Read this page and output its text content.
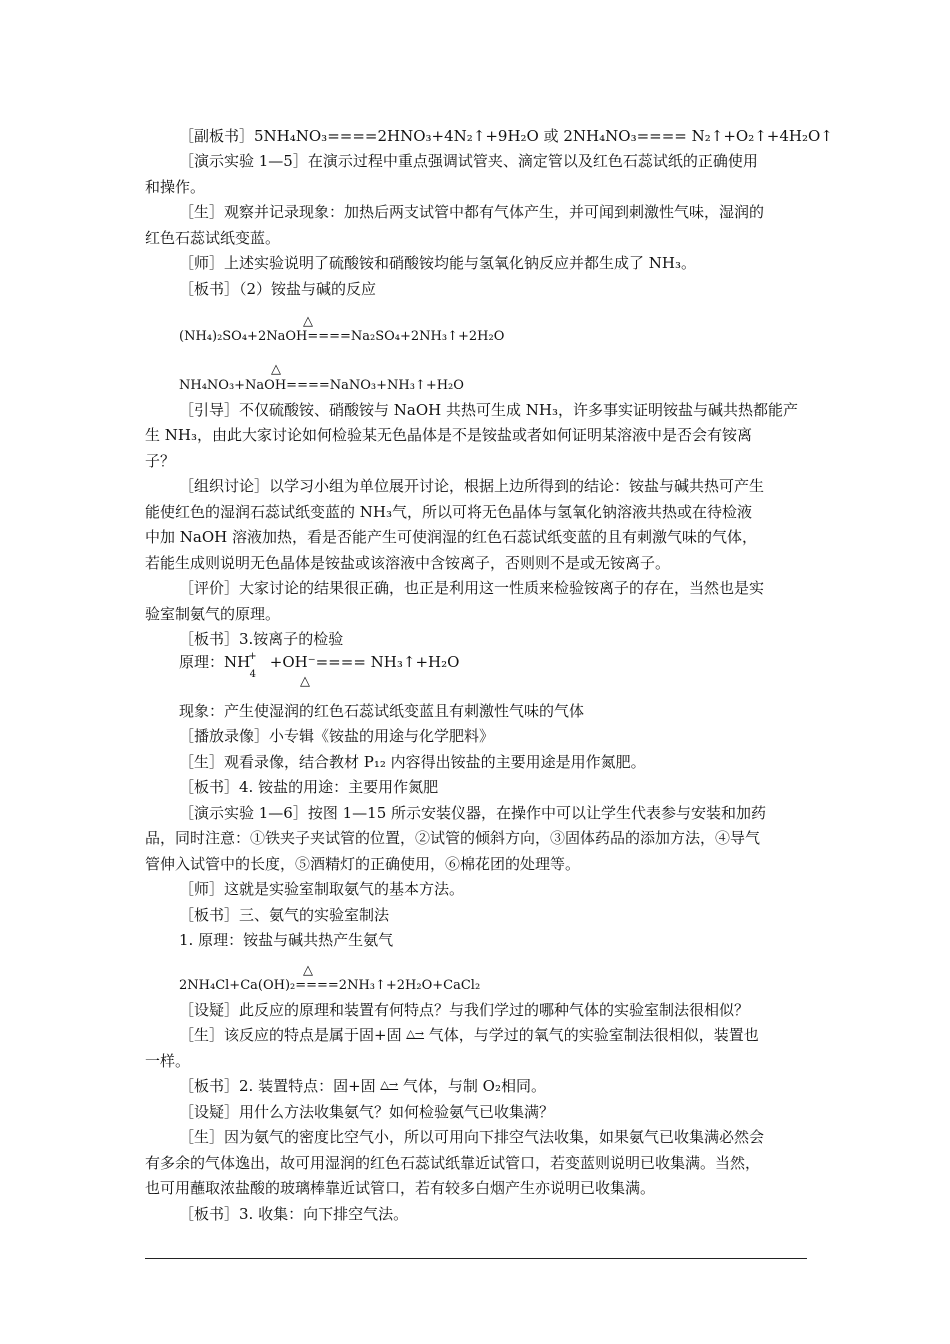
［副板书］5NH₄NO₃====2HNO₃+4N₂↑+9H₂O 或 2NH₄NO₃==== N₂↑+O₂↑+4H₂O↑
［演示实验 1—5］在演示过程中重点强调试管夹、滴定管以及红色石蕊试纸的正确使用
和操作。
［生］观察并记录现象：加热后两支试管中都有气体产生，并可闻到刺激性气味，湿润的
红色石蕊试纸变蓝。
［师］上述实验说明了硫酸铵和硝酸铵均能与氢氧化钠反应并都生成了 NH₃。
［板书］（2）铵盐与碱的反应
△
(NH₄)₂SO₄+2NaOH====Na₂SO₄+2NH₃↑+2H₂O
△
NH₄NO₃+NaOH====NaNO₃+NH₃↑+H₂O
［引导］不仅硫酸铵、硝酸铵与 NaOH 共热可生成 NH₃，许多事实证明铵盐与碱共热都能产
生 NH₃，由此大家讨论如何检验某无色晶体是不是铵盐或者如何证明某溶液中是否会有铵离
子？
［组织讨论］以学习小组为单位展开讨论，根据上边所得到的结论：铵盐与碱共热可产生
能使红色的湿润石蕊试纸变蓝的 NH₃气，所以可将无色晶体与氢氧化钠溶液共热或在待检液
中加 NaOH 溶液加热，看是否能产生可使润湿的红色石蕊试纸变蓝的且有刺激气味的气体，
若能生成则说明无色晶体是铵盐或该溶液中含铵离子，否则则不是或无铵离子。
［评价］大家讨论的结果很正确，也正是利用这一性质来检验铵离子的存在，当然也是实
验室制氨气的原理。
［板书］3.铵离子的检验
原理：$NH^+_4 +OH^-====$ NH₃↑+H₂O
△
现象：产生使湿润的红色石蕊试纸变蓝且有刺激性气味的气体
［播放录像］小专辑《铵盐的用途与化学肥料》
［生］观看录像，结合教材 P₁₂ 内容得出铵盐的主要用途是用作氮肥。
［板书］4. 铵盐的用途：主要用作氮肥
［演示实验 1—6］按图 1—15 所示安装仪器，在操作中可以让学生代表参与安装和加药
品，同时注意：①铁夹子夹试管的位置，②试管的倾斜方向，③固体药品的添加方法，④导气
管伸入试管中的长度，⑤酒精灯的正确使用，⑥棉花团的处理等。
［师］这就是实验室制取氨气的基本方法。
［板书］三、氨气的实验室制法
1. 原理：铵盐与碱共热产生氨气
△
2NH₄Cl+Ca(OH)₂====2NH₃↑+2H₂O+CaCl₂
［设疑］此反应的原理和装置有何特点？与我们学过的哪种气体的实验室制法很相似？
［生］该反应的特点是属于固+固 △→ 气体，与学过的氧气的实验室制法很相似，装置也
一样。
［板书］2. 装置特点：固+固 △→ 气体，与制 O₂相同。
［设疑］用什么方法收集氨气？如何检验氨气已收集满？
［生］因为氨气的密度比空气小，所以可用向下排空气法收集，如果氨气已收集满必然会
有多余的气体逸出，故可用湿润的红色石蕊试纸靠近试管口，若变蓝则说明已收集满。当然，
也可用蘸取浓盐酸的玻璃棒靠近试管口，若有较多白烟产生亦说明已收集满。
［板书］3. 收集：向下排空气法。
